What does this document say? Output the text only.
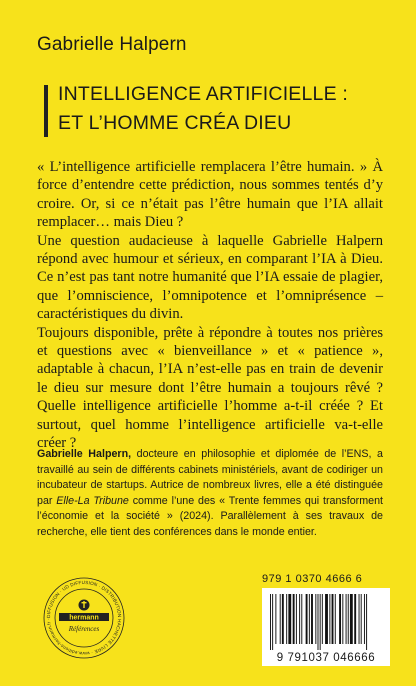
Gabrielle Halpern
INTELLIGENCE ARTIFICIELLE :
ET L’HOMME CRÉA DIEU

« L’intelligence artificielle remplacera l’être humain. » À force d’entendre cette prédiction, nous sommes tentés d’y croire. Or, si ce n’était pas l’être humain que l’IA allait remplacer… mais Dieu ?

Une question audacieuse à laquelle Gabrielle Halpern répond avec humour et sérieux, en comparant l’IA à Dieu. Ce n’est pas tant notre humanité que l’IA essaie de plagier, que l’omniscience, l’omnipotence et l’omniprésence – caractéristiques du divin.

Toujours disponible, prête à répondre à toutes nos prières et questions avec « bienveillance » et « patience », adaptable à chacun, l’IA n’est-elle pas en train de devenir le dieu sur mesure dont l’être humain a toujours rêvé ? Quelle intelligence artificielle l’homme a-t-il créée ? Et surtout, quel homme l’intelligence artificielle va-t-elle créer ?

Gabrielle Halpern, docteure en philosophie et diplomée de l’ENS, a travaillé au sein de différents cabinets ministériels, avant de codiriger un incubateur de startups. Autrice de nombreux livres, elle a été distinguée par Elle-La Tribune comme l’une des « Trente femmes qui transforment l’économie et la société » (2024). Parallèlement à ses travaux de recherche, elle tient des conférences dans le monde entier.
DIFFUSION · UD DIFFUSION · DISTRIBUTION HACHETTE LIVRE · www.editions-hermann.fr ·	hermann
Références
979 1 0370 4666 6
9 791037 046666
